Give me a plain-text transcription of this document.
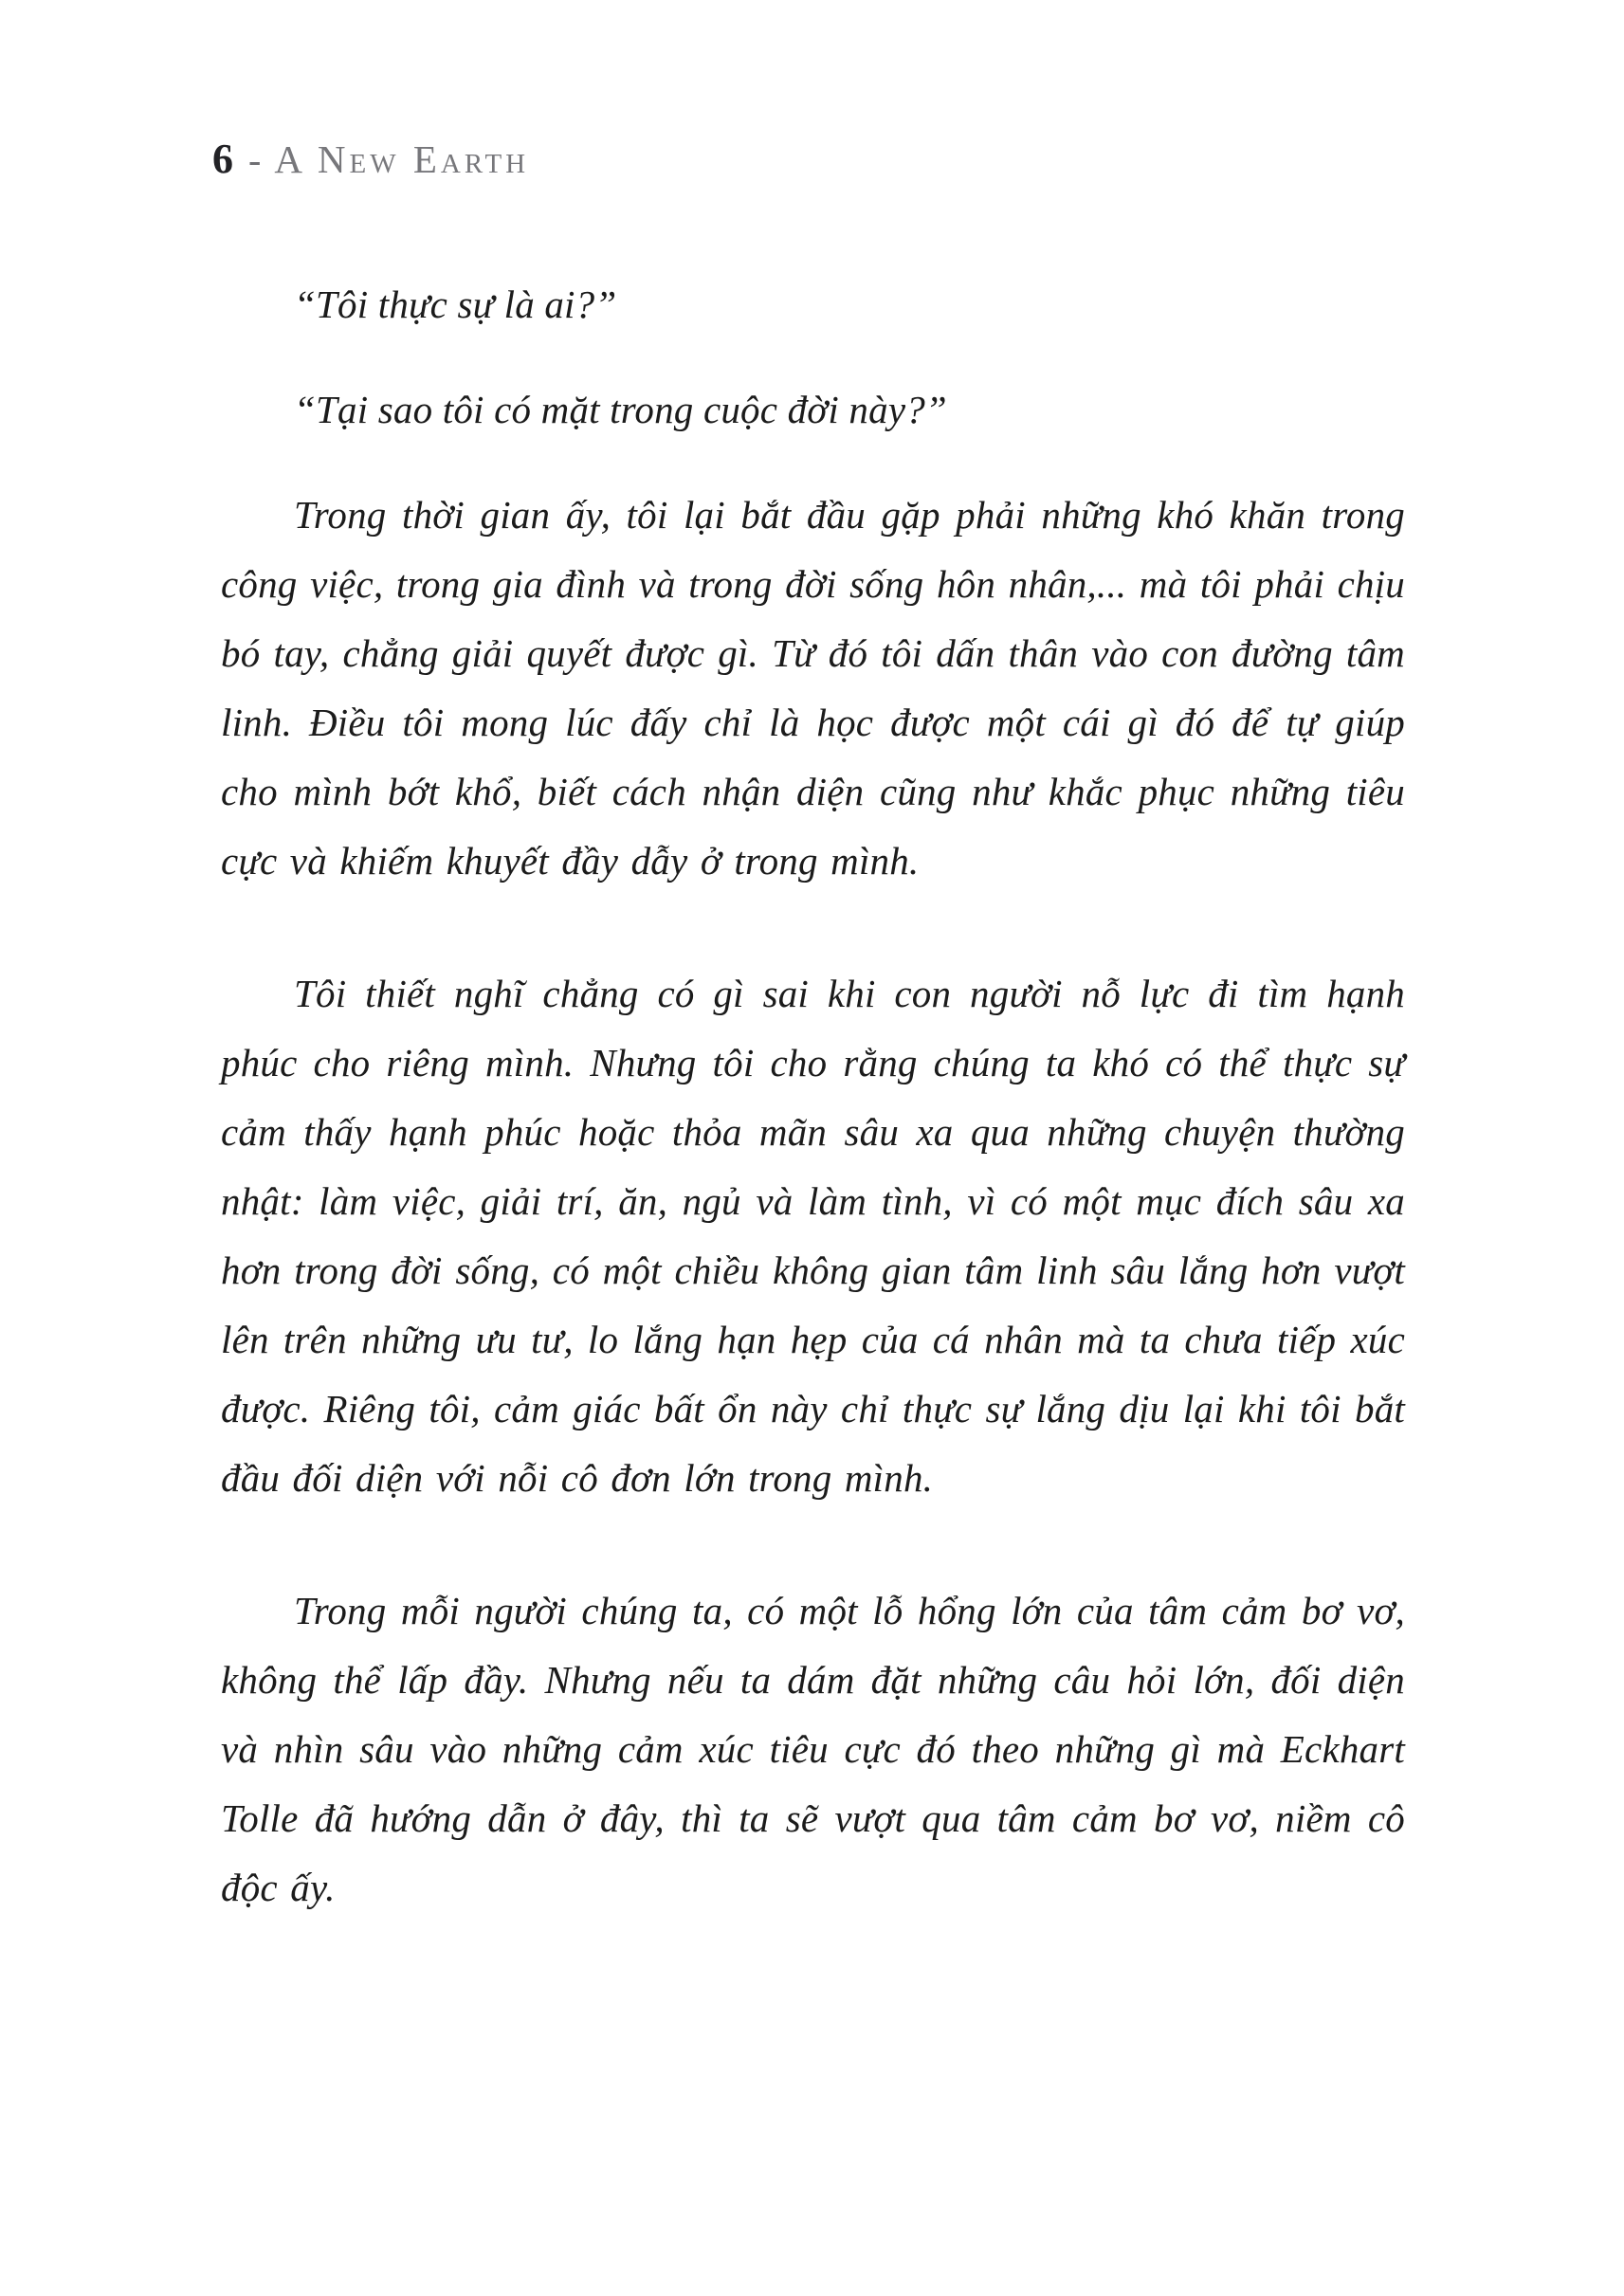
6 - A New Earth

“Tôi thực sự là ai?”

“Tại sao tôi có mặt trong cuộc đời này?”

Trong thời gian ấy, tôi lại bắt đầu gặp phải những khó khăn trong công việc, trong gia đình và trong đời sống hôn nhân,... mà tôi phải chịu bó tay, chẳng giải quyết được gì. Từ đó tôi dấn thân vào con đường tâm linh. Điều tôi mong lúc đấy chỉ là học được một cái gì đó để tự giúp cho mình bớt khổ, biết cách nhận diện cũng như khắc phục những tiêu cực và khiếm khuyết đầy dẫy ở trong mình.

Tôi thiết nghĩ chẳng có gì sai khi con người nỗ lực đi tìm hạnh phúc cho riêng mình. Nhưng tôi cho rằng chúng ta khó có thể thực sự cảm thấy hạnh phúc hoặc thỏa mãn sâu xa qua những chuyện thường nhật: làm việc, giải trí, ăn, ngủ và làm tình, vì có một mục đích sâu xa hơn trong đời sống, có một chiều không gian tâm linh sâu lắng hơn vượt lên trên những ưu tư, lo lắng hạn hẹp của cá nhân mà ta chưa tiếp xúc được. Riêng tôi, cảm giác bất ổn này chỉ thực sự lắng dịu lại khi tôi bắt đầu đối diện với nỗi cô đơn lớn trong mình.

Trong mỗi người chúng ta, có một lỗ hổng lớn của tâm cảm bơ vơ, không thể lấp đầy. Nhưng nếu ta dám đặt những câu hỏi lớn, đối diện và nhìn sâu vào những cảm xúc tiêu cực đó theo những gì mà Eckhart Tolle đã hướng dẫn ở đây, thì ta sẽ vượt qua tâm cảm bơ vơ, niềm cô độc ấy.
